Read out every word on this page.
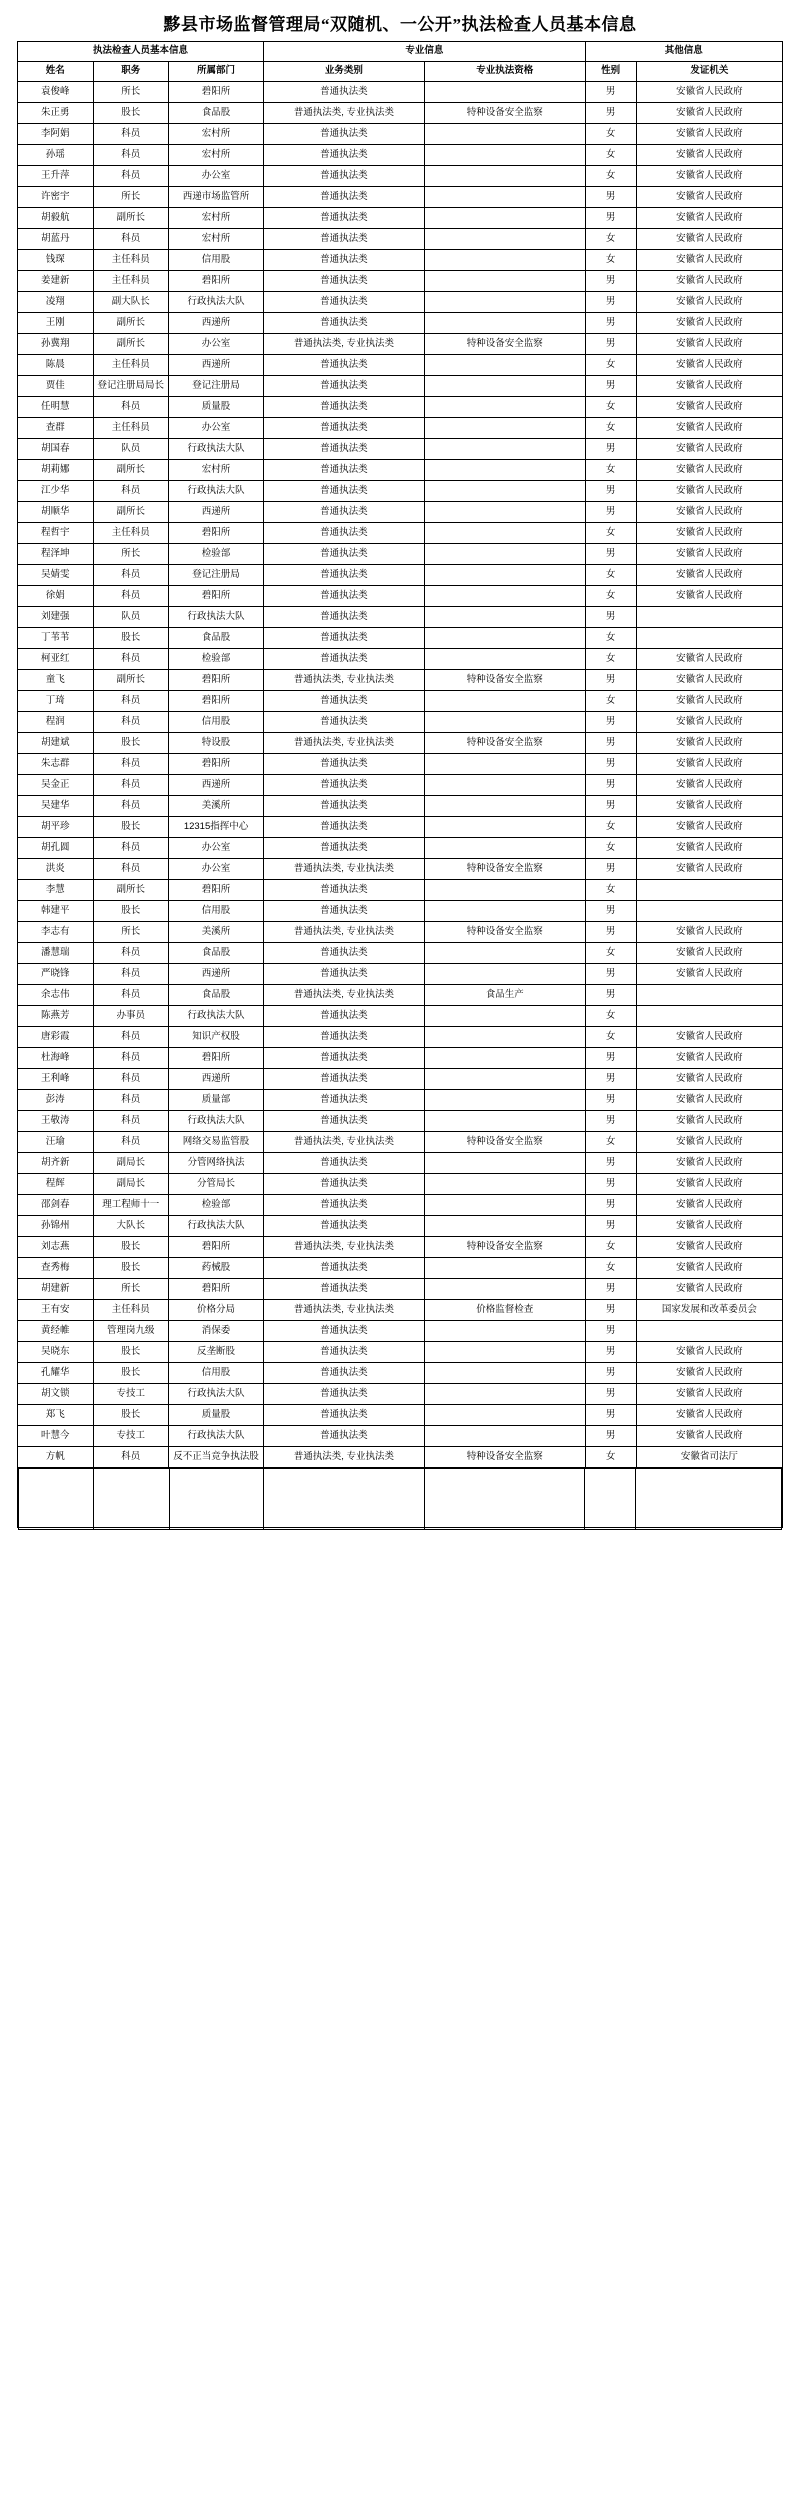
黟县市场监督管理局“双随机、一公开”执法检查人员基本信息
执法检查人员基本信息			专业信息		其他信息	
姓名	职务	所属部门	业务类别	专业执法资格	性别	发证机关
袁俊峰	所长	碧阳所	普通执法类		男	安徽省人民政府
朱正勇	股长	食品股	普通执法类, 专业执法类	特种设备安全监察	男	安徽省人民政府
李阿娟	科员	宏村所	普通执法类		女	安徽省人民政府
孙瑶	科员	宏村所	普通执法类		女	安徽省人民政府
王升萍	科员	办公室	普通执法类		女	安徽省人民政府
许密宇	所长	西递市场监管所	普通执法类		男	安徽省人民政府
胡毅航	副所长	宏村所	普通执法类		男	安徽省人民政府
胡蓝丹	科员	宏村所	普通执法类		女	安徽省人民政府
钱琛	主任科员	信用股	普通执法类		女	安徽省人民政府
姜建新	主任科员	碧阳所	普通执法类		男	安徽省人民政府
凌翔	副大队长	行政执法大队	普通执法类		男	安徽省人民政府
王刚	副所长	西递所	普通执法类		男	安徽省人民政府
孙冀翔	副所长	办公室	普通执法类, 专业执法类	特种设备安全监察	男	安徽省人民政府
陈晨	主任科员	西递所	普通执法类		女	安徽省人民政府
贾佳	登记注册局局长	登记注册局	普通执法类		男	安徽省人民政府
任明慧	科员	质量股	普通执法类		女	安徽省人民政府
查群	主任科员	办公室	普通执法类		女	安徽省人民政府
胡国春	队员	行政执法大队	普通执法类		男	安徽省人民政府
胡莉娜	副所长	宏村所	普通执法类		女	安徽省人民政府
江少华	科员	行政执法大队	普通执法类		男	安徽省人民政府
胡顺华	副所长	西递所	普通执法类		男	安徽省人民政府
程哲宇	主任科员	碧阳所	普通执法类		女	安徽省人民政府
程泽坤	所长	检验部	普通执法类		男	安徽省人民政府
吴婧雯	科员	登记注册局	普通执法类		女	安徽省人民政府
徐娟	科员	碧阳所	普通执法类		女	安徽省人民政府
刘建强	队员	行政执法大队	普通执法类		男	
丁苇苇	股长	食品股	普通执法类		女	
柯亚红	科员	检验部	普通执法类		女	安徽省人民政府
童飞	副所长	碧阳所	普通执法类, 专业执法类	特种设备安全监察	男	安徽省人民政府
丁琦	科员	碧阳所	普通执法类		女	安徽省人民政府
程润	科员	信用股	普通执法类		男	安徽省人民政府
胡建斌	股长	特设股	普通执法类, 专业执法类	特种设备安全监察	男	安徽省人民政府
朱志群	科员	碧阳所	普通执法类		男	安徽省人民政府
吴金正	科员	西递所	普通执法类		男	安徽省人民政府
吴建华	科员	美溪所	普通执法类		男	安徽省人民政府
胡平珍	股长	12315指挥中心	普通执法类		女	安徽省人民政府
胡孔圆	科员	办公室	普通执法类		女	安徽省人民政府
洪炎	科员	办公室	普通执法类, 专业执法类	特种设备安全监察	男	安徽省人民政府
李慧	副所长	碧阳所	普通执法类		女	
韩建平	股长	信用股	普通执法类		男	
李志有	所长	美溪所	普通执法类, 专业执法类	特种设备安全监察	男	安徽省人民政府
潘慧瑞	科员	食品股	普通执法类		女	安徽省人民政府
严晓锋	科员	西递所	普通执法类		男	安徽省人民政府
余志伟	科员	食品股	普通执法类, 专业执法类	食品生产	男	
陈燕芳	办事员	行政执法大队	普通执法类		女	
唐彩霞	科员	知识产权股	普通执法类		女	安徽省人民政府
杜海峰	科员	碧阳所	普通执法类		男	安徽省人民政府
王利峰	科员	西递所	普通执法类		男	安徽省人民政府
彭涛	科员	质量部	普通执法类		男	安徽省人民政府
王敬涛	科员	行政执法大队	普通执法类		男	安徽省人民政府
汪瑜	科员	网络交易监管股	普通执法类, 专业执法类	特种设备安全监察	女	安徽省人民政府
胡齐新	副局长	分管网络执法	普通执法类		男	安徽省人民政府
程辉	副局长	分管局长	普通执法类		男	安徽省人民政府
邵剑春	理工程师十一	检验部	普通执法类		男	安徽省人民政府
孙锦州	大队长	行政执法大队	普通执法类		男	安徽省人民政府
刘志燕	股长	碧阳所	普通执法类, 专业执法类	特种设备安全监察	女	安徽省人民政府
查秀梅	股长	药械股	普通执法类		女	安徽省人民政府
胡建新	所长	碧阳所	普通执法类		男	安徽省人民政府
王有安	主任科员	价格分局	普通执法类, 专业执法类	价格监督检查	男	国家发展和改革委员会
黄经帷	管理岗九级	消保委	普通执法类		男	
吴晓东	股长	反垄断股	普通执法类		男	安徽省人民政府
孔耀华	股长	信用股	普通执法类		男	安徽省人民政府
胡文锁	专技工	行政执法大队	普通执法类		男	安徽省人民政府
郑飞	股长	质量股	普通执法类		男	安徽省人民政府
叶慧今	专技工	行政执法大队	普通执法类		男	安徽省人民政府
方帆	科员	反不正当竞争执法股	普通执法类, 专业执法类	特种设备安全监察	女	安徽省司法厅
